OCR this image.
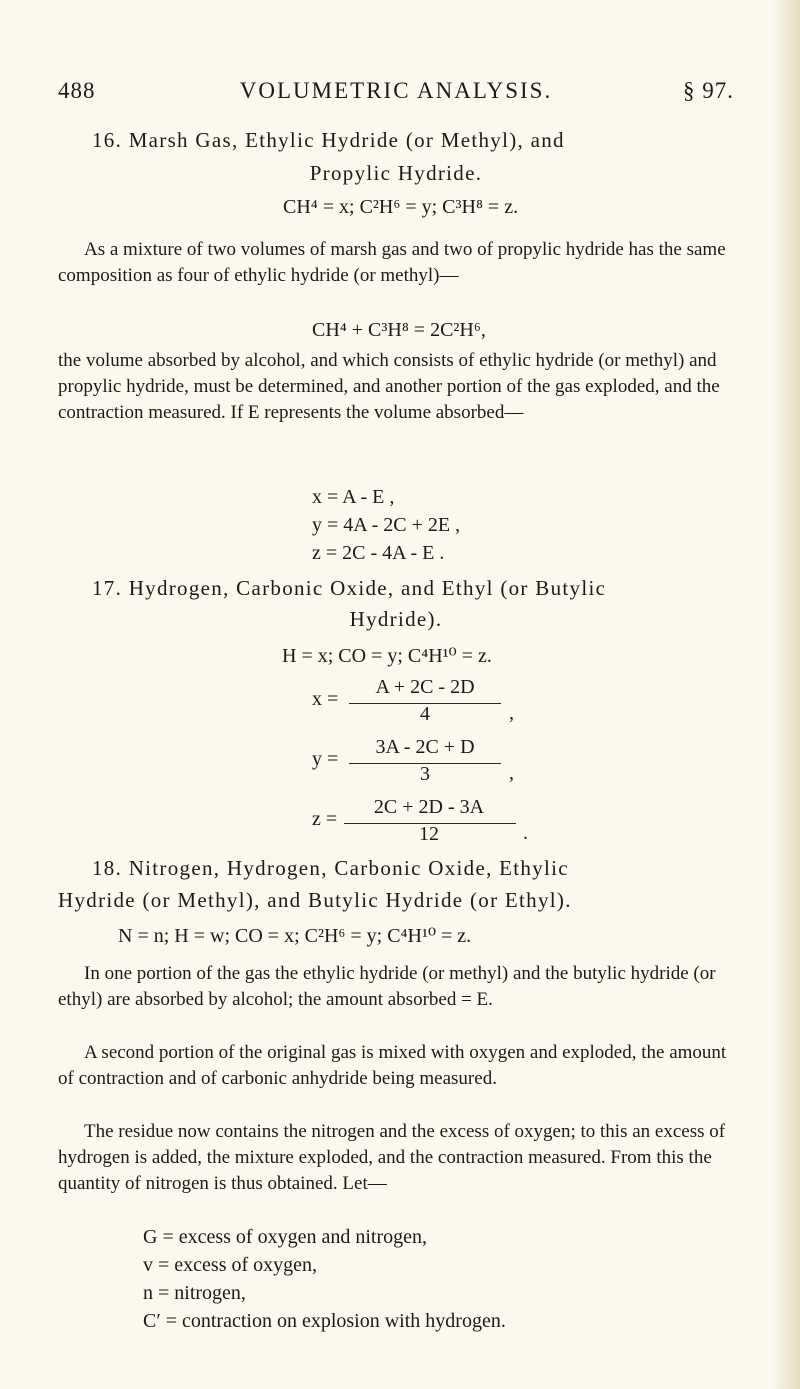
488	VOLUMETRIC ANALYSIS.	§ 97.
16. Marsh Gas, Ethylic Hydride (or Methyl), and
Propylic Hydride.
CH⁴ = x; C²H⁶ = y; C³H⁸ = z.
As a mixture of two volumes of marsh gas and two of propylic hydride has the same composition as four of ethylic hydride (or methyl)—
CH⁴ + C³H⁸ = 2C²H⁶,
the volume absorbed by alcohol, and which consists of ethylic hydride (or methyl) and propylic hydride, must be determined, and another portion of the gas exploded, and the contraction measured. If E represents the volume absorbed—
x = A - E ,
y = 4A - 2C + 2E ,
z = 2C - 4A - E .
17. Hydrogen, Carbonic Oxide, and Ethyl (or Butylic
Hydride).
H = x; CO = y; C⁴H¹⁰ = z.
A + 2C - 2D
x =
4	,
3A - 2C + D
y =
3	,
2C + 2D - 3A
z =
12	.
18. Nitrogen, Hydrogen, Carbonic Oxide, Ethylic
Hydride (or Methyl), and Butylic Hydride (or Ethyl).
N = n; H = w; CO = x; C²H⁶ = y; C⁴H¹⁰ = z.
In one portion of the gas the ethylic hydride (or methyl) and the butylic hydride (or ethyl) are absorbed by alcohol; the amount absorbed = E.
A second portion of the original gas is mixed with oxygen and exploded, the amount of contraction and of carbonic anhydride being measured.
The residue now contains the nitrogen and the excess of oxygen; to this an excess of hydrogen is added, the mixture exploded, and the contraction measured. From this the quantity of nitrogen is thus obtained. Let—
G = excess of oxygen and nitrogen,
v = excess of oxygen,
n = nitrogen,
C′ = contraction on explosion with hydrogen.
